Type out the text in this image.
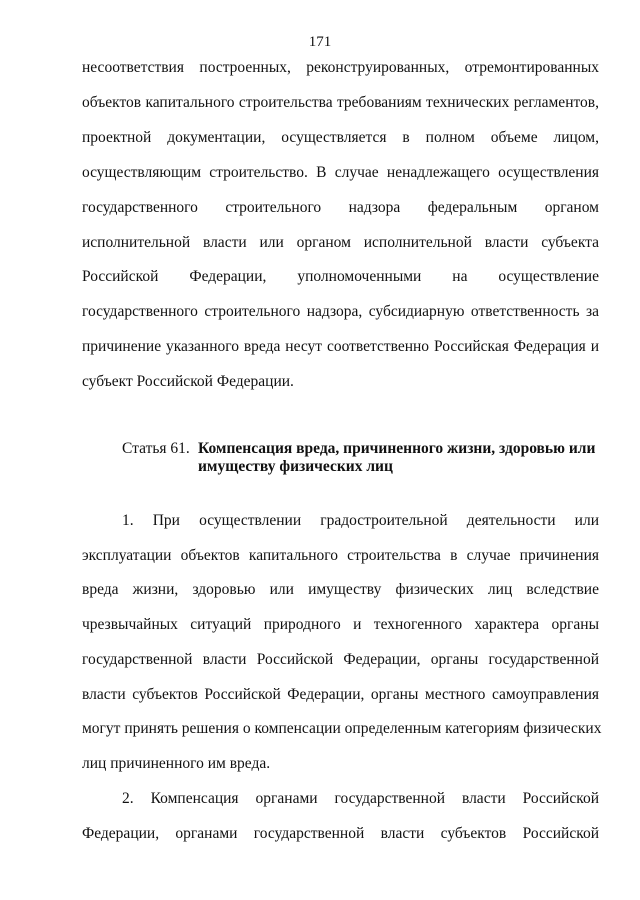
171
несоответствия построенных, реконструированных, отремонтированных
объектов капитального строительства требованиям технических регламентов,
проектной документации, осуществляется в полном объеме лицом,
осуществляющим строительство. В случае ненадлежащего осуществления
государственного строительного надзора федеральным органом
исполнительной власти или органом исполнительной власти субъекта
Российской Федерации, уполномоченными на осуществление
государственного строительного надзора, субсидиарную ответственность за
причинение указанного вреда несут соответственно Российская Федерация и
субъект Российской Федерации.
Статья 61. Компенсация вреда, причиненного жизни, здоровью или имуществу физических лиц
1. При осуществлении градостроительной деятельности или
эксплуатации объектов капитального строительства в случае причинения
вреда жизни, здоровью или имуществу физических лиц вследствие
чрезвычайных ситуаций природного и техногенного характера органы
государственной власти Российской Федерации, органы государственной
власти субъектов Российской Федерации, органы местного самоуправления
могут принять решения о компенсации определенным категориям физических
лиц причиненного им вреда.
2. Компенсация органами государственной власти Российской
Федерации, органами государственной власти субъектов Российской
